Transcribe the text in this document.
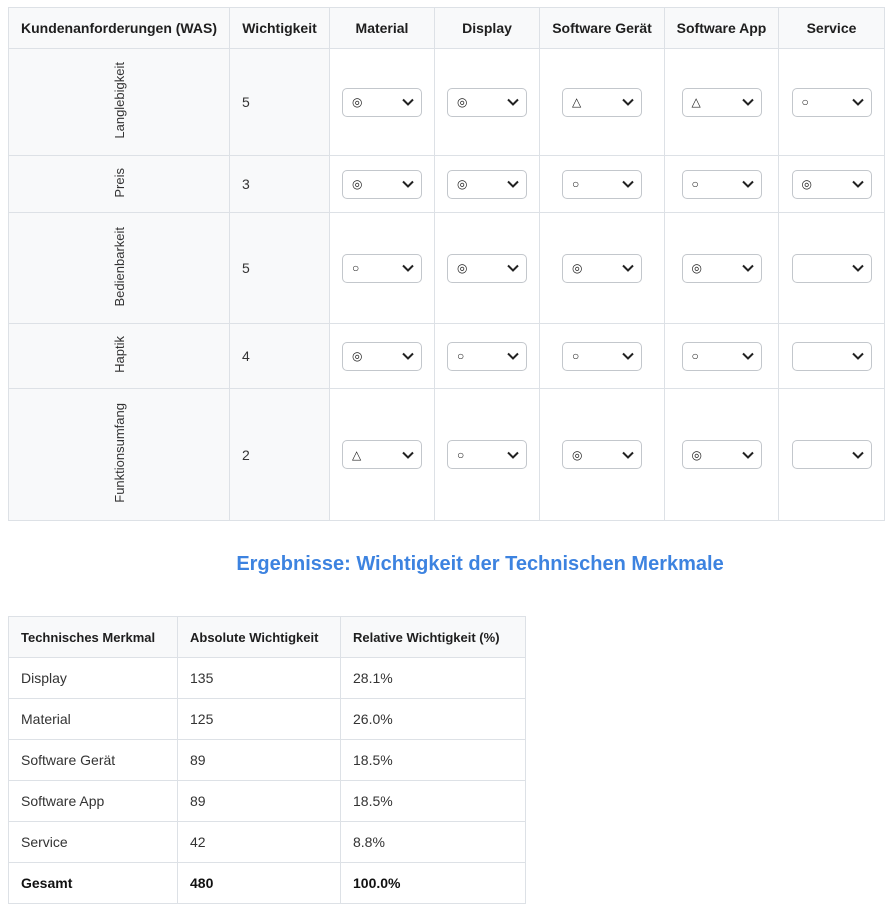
Kundenanforderungen (WAS)	Wichtigkeit	Material	Display	Software Gerät	Software App	Service
Langlebigkeit	5	◎	◎	△	△	○

Preis	3	◎	◎	○	○	◎

Bedienbarkeit	5	○	◎	◎	◎

Haptik	4	◎	○	○	○

Funktionsumfang	2	△	○	◎	◎

Ergebnisse: Wichtigkeit der Technischen Merkmale
Technisches Merkmal	Absolute Wichtigkeit	Relative Wichtigkeit (%)
Display	135	28.1%
Material	125	26.0%
Software Gerät	89	18.5%
Software App	89	18.5%
Service	42	8.8%
Gesamt	480	100.0%
